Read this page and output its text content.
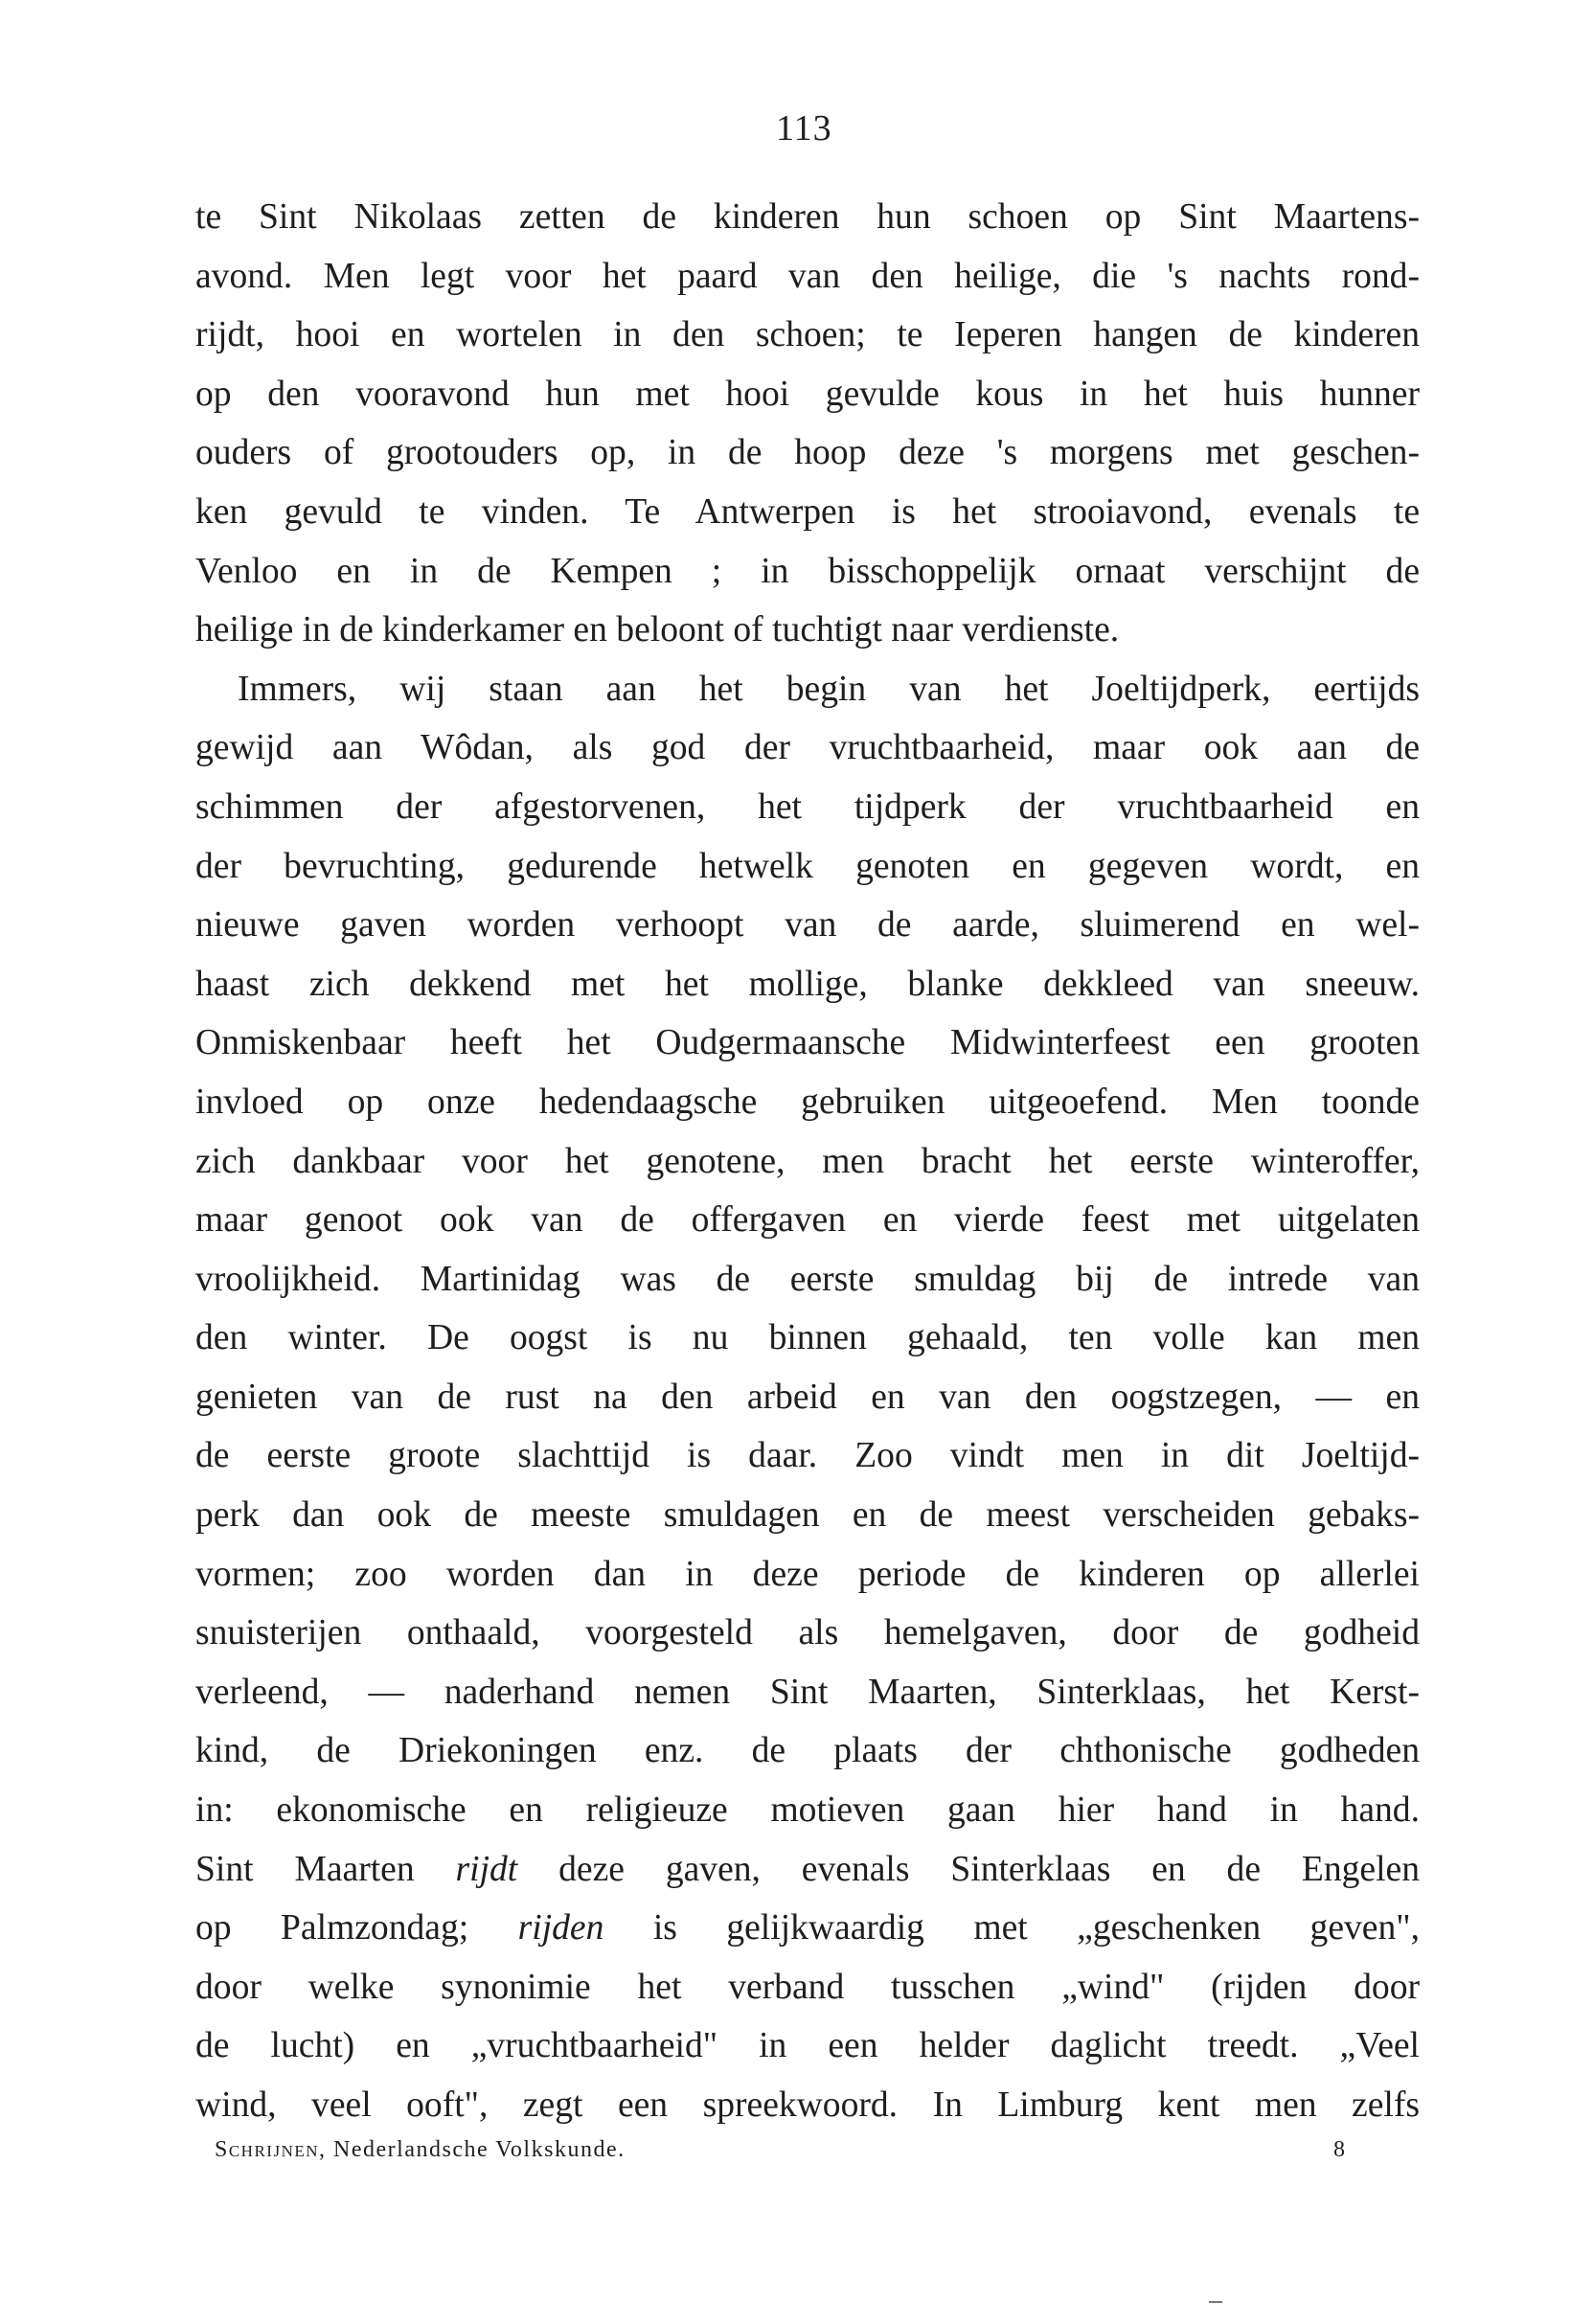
113
te Sint Nikolaas zetten de kinderen hun schoen op Sint Maartens-
avond. Men legt voor het paard van den heilige, die 's nachts rond-
rijdt, hooi en wortelen in den schoen; te Ieperen hangen de kinderen
op den vooravond hun met hooi gevulde kous in het huis hunner
ouders of grootouders op, in de hoop deze 's morgens met geschen-
ken gevuld te vinden. Te Antwerpen is het strooiavond, evenals te
Venloo en in de Kempen ; in bisschoppelijk ornaat verschijnt de
heilige in de kinderkamer en beloont of tuchtigt naar verdienste.
Immers, wij staan aan het begin van het Joeltijdperk, eertijds
gewijd aan Wôdan, als god der vruchtbaarheid, maar ook aan de
schimmen der afgestorvenen, het tijdperk der vruchtbaarheid en
der bevruchting, gedurende hetwelk genoten en gegeven wordt, en
nieuwe gaven worden verhoopt van de aarde, sluimerend en wel-
haast zich dekkend met het mollige, blanke dekkleed van sneeuw.
Onmiskenbaar heeft het Oudgermaansche Midwinterfeest een grooten
invloed op onze hedendaagsche gebruiken uitgeoefend. Men toonde
zich dankbaar voor het genotene, men bracht het eerste winteroffer,
maar genoot ook van de offergaven en vierde feest met uitgelaten
vroolijkheid. Martinidag was de eerste smuldag bij de intrede van
den winter. De oogst is nu binnen gehaald, ten volle kan men
genieten van de rust na den arbeid en van den oogstzegen, — en
de eerste groote slachttijd is daar. Zoo vindt men in dit Joeltijd-
perk dan ook de meeste smuldagen en de meest verscheiden gebaks-
vormen; zoo worden dan in deze periode de kinderen op allerlei
snuisterijen onthaald, voorgesteld als hemelgaven, door de godheid
verleend, — naderhand nemen Sint Maarten, Sinterklaas, het Kerst-
kind, de Driekoningen enz. de plaats der chthonische godheden
in: ekonomische en religieuze motieven gaan hier hand in hand.
Sint Maarten rijdt deze gaven, evenals Sinterklaas en de Engelen
op Palmzondag; rijden is gelijkwaardig met „geschenken geven",
door welke synonimie het verband tusschen „wind" (rijden door
de lucht) en „vruchtbaarheid" in een helder daglicht treedt. „Veel
wind, veel ooft", zegt een spreekwoord. In Limburg kent men zelfs
Schrijnen, Nederlandsche Volkskunde.	8
